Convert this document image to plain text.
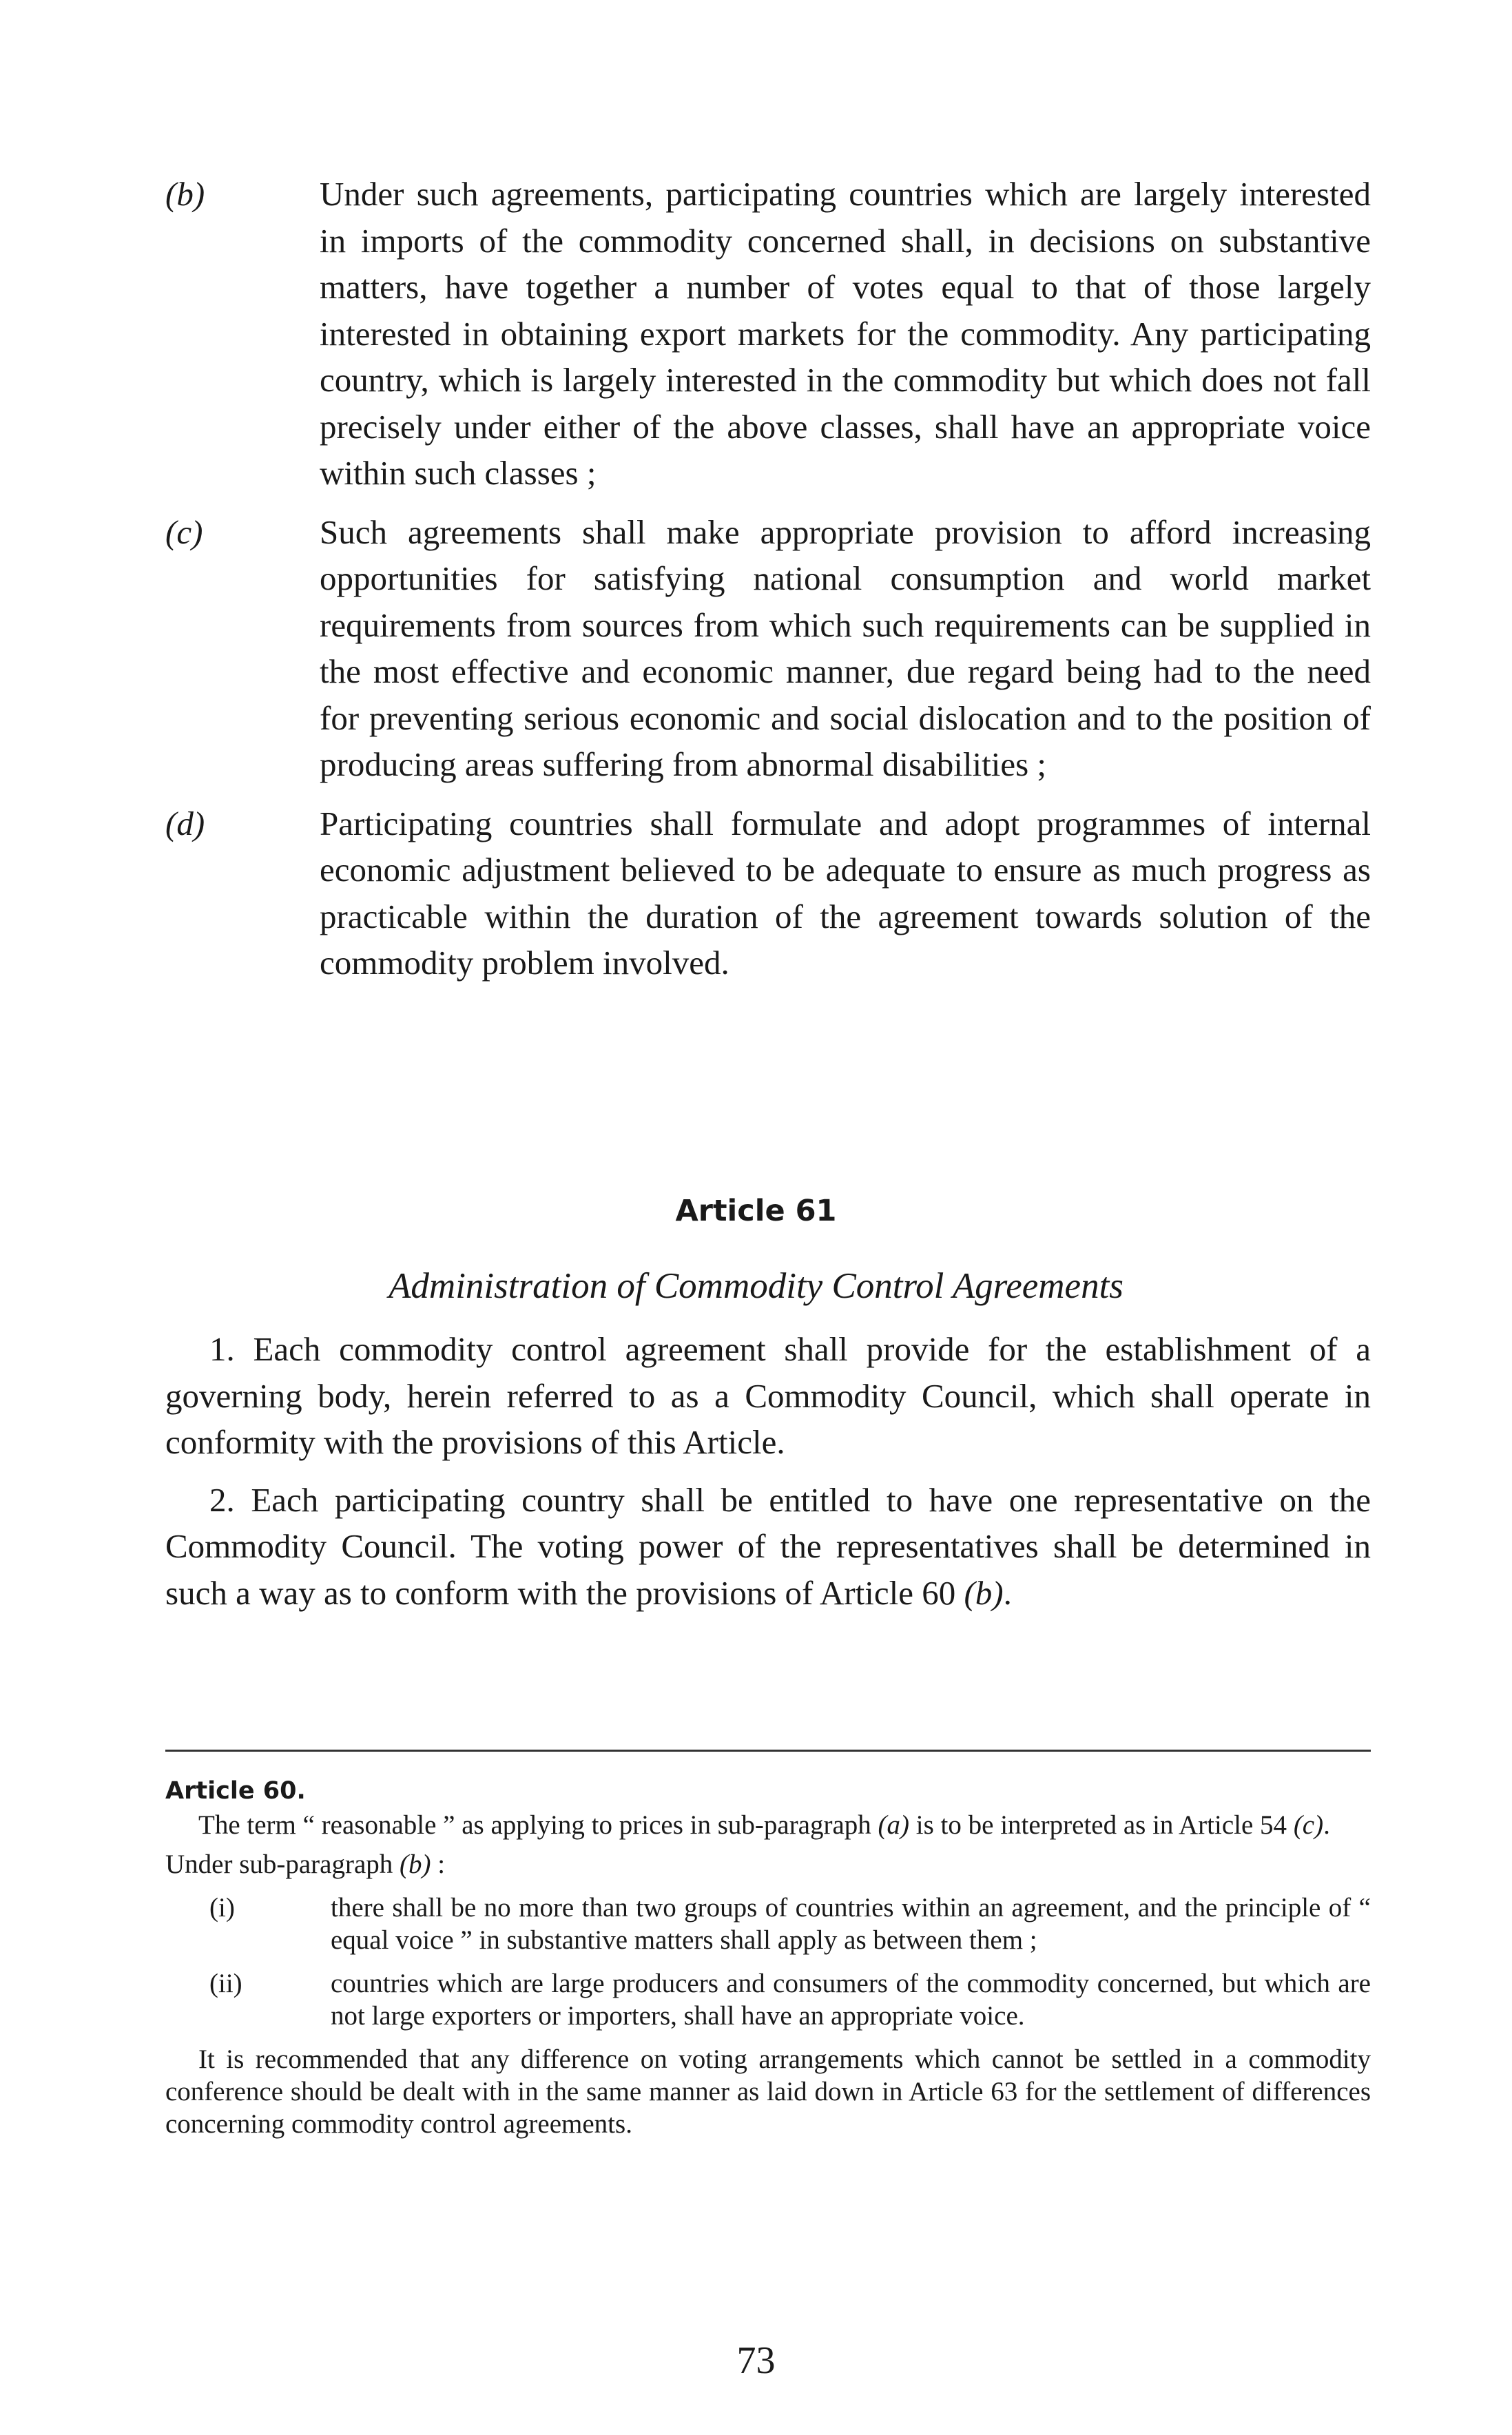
(b)	Under such agreements, participating countries which are largely interested in imports of the commodity concerned shall, in decisions on substantive matters, have together a number of votes equal to that of those largely interested in obtaining export markets for the commodity. Any participating country, which is largely interested in the commodity but which does not fall precisely under either of the above classes, shall have an appropriate voice within such classes ;
(c)	Such agreements shall make appropriate provision to afford increasing opportunities for satisfying national consumption and world market requirements from sources from which such requirements can be supplied in the most effective and economic manner, due regard being had to the need for preventing serious economic and social dislocation and to the position of producing areas suffering from abnormal disabilities ;
(d)	Participating countries shall formulate and adopt programmes of internal economic adjustment believed to be adequate to ensure as much progress as practicable within the duration of the agreement towards solution of the commodity problem involved.
Article 61
Administration of Commodity Control Agreements

1. Each commodity control agreement shall provide for the establishment of a governing body, herein referred to as a Commodity Council, which shall operate in conformity with the provisions of this Article.

2. Each participating country shall be entitled to have one representative on the Commodity Council. The voting power of the representatives shall be determined in such a way as to conform with the provisions of Article 60 (b).

Article 60.
The term “ reasonable ” as applying to prices in sub-paragraph (a) is to be interpreted as in Article 54 (c).
Under sub-paragraph (b) :
(i)	there shall be no more than two groups of countries within an agreement, and the principle of “ equal voice ” in substantive matters shall apply as between them ;
(ii)	countries which are large producers and consumers of the commodity concerned, but which are not large exporters or importers, shall have an appropriate voice.
It is recommended that any difference on voting arrangements which cannot be settled in a commodity conference should be dealt with in the same manner as laid down in Article 63 for the settlement of differences concerning commodity control agreements.
73
